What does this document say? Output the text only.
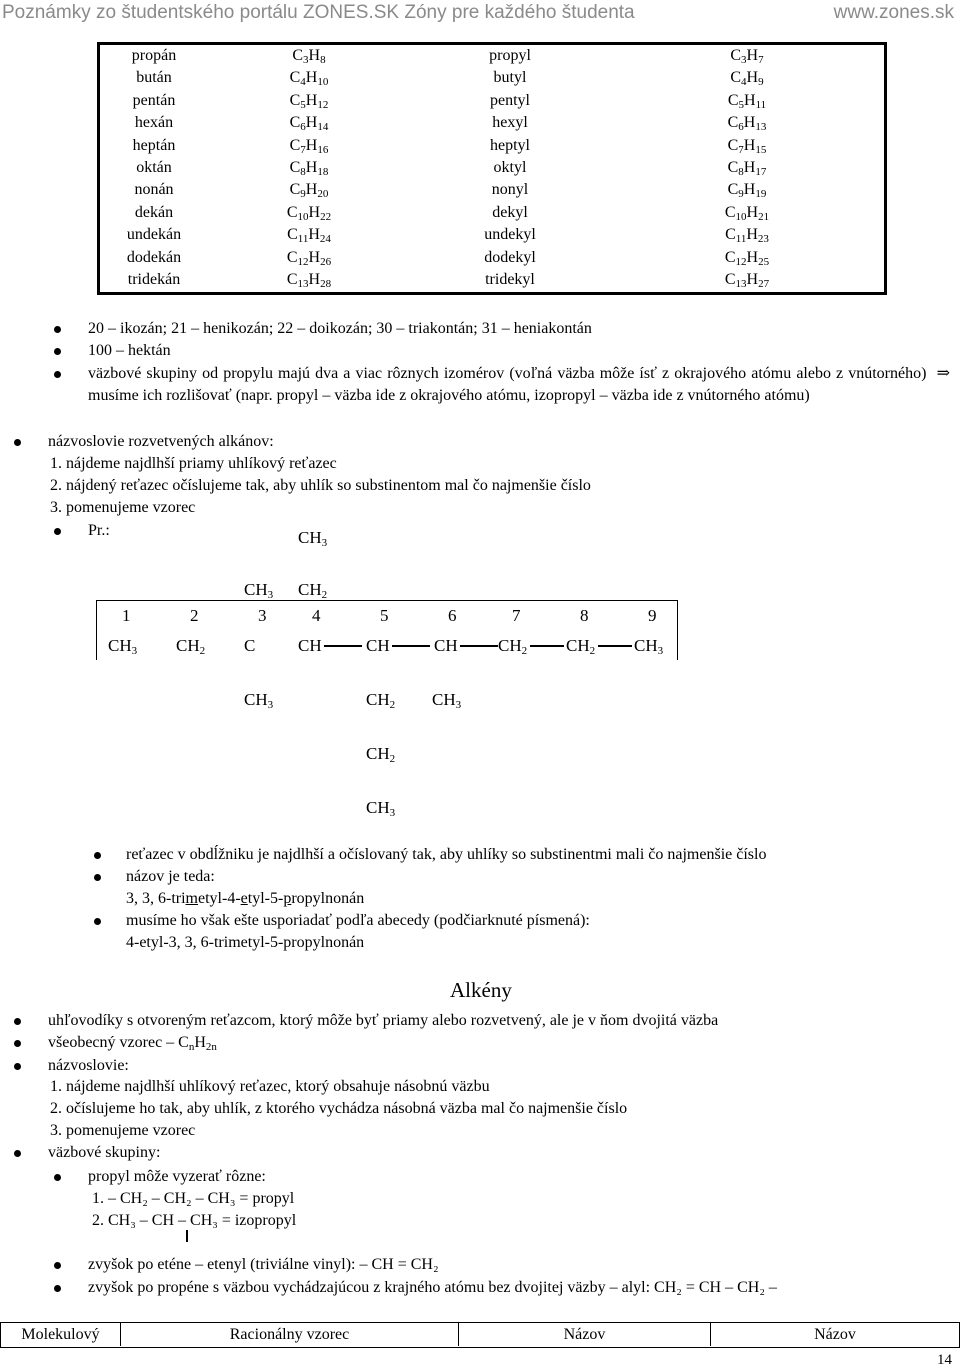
Poznámky zo študentského portálu ZONES.SK Zóny pre každého študenta	www.zones.sk
propán	$C_3H_8$	propyl	$C_3H_7$
bután	$C_4H_{10}$	butyl	$C_4H_9$
pentán	$C_5H_{12}$	pentyl	$C_5H_{11}$
hexán	$C_6H_{14}$	hexyl	$C_6H_{13}$
heptán	$C_7H_{16}$	heptyl	$C_7H_{15}$
oktán	$C_8H_{18}$	oktyl	$C_8H_{17}$
nonán	$C_9H_{20}$	nonyl	$C_9H_{19}$
dekán	$C_{10}H_{22}$	dekyl	$C_{10}H_{21}$
undekán	$C_{11}H_{24}$	undekyl	$C_{11}H_{23}$
dodekán	$C_{12}H_{26}$	dodekyl	$C_{12}H_{25}$
tridekán	$C_{13}H_{28}$	tridekyl	$C_{13}H_{27}$
20 – ikozán; 21 – henikozán; 22 – doikozán; 30 – triakontán; 31 – heniakontán
100 – hektán
väzbové skupiny od propylu majú dva a viac rôznych izomérov (voľná väzba môže ísť z okrajového atómu alebo z vnútorného)  ⇒  musíme ich rozlišovať (napr. propyl – väzba ide z okrajového atómu, izopropyl – väzba ide z vnútorného atómu)
názvoslovie rozvetvených alkánov:
1. nájdeme najdlhší priamy uhlíkový reťazec
2. nájdený reťazec očíslujeme tak, aby uhlík so substinentom mal čo najmenšie číslo
3. pomenujeme vzorec
Pr.:	$CH_3$
$CH_3$ $CH_2$
1	2	3	4	5	6	7	8	9
$CH_3$ $CH_2$ C	CH	CH	CH $CH_2$ $CH_2$ $CH_3$
$CH_3$	$CH_2$ $CH_3$
$CH_2$
$CH_3$
reťazec v obdĺžniku je najdlhší a očíslovaný tak, aby uhlíky so substinentmi mali čo najmenšie číslo
názov je teda:
3, 3, 6-trimetyl-4-etyl-5-propylnonán
musíme ho však ešte usporiadať podľa abecedy (podčiarknuté písmená):
4-etyl-3, 3, 6-trimetyl-5-propylnonán
Alkény
uhľovodíky s otvoreným reťazcom, ktorý môže byť priamy alebo rozvetvený, ale je v ňom dvojitá väzba
všeobecný vzorec – $C_nH_{2n}$
názvoslovie:
1. nájdeme najdlhší uhlíkový reťazec, ktorý obsahuje násobnú väzbu
2. očíslujeme ho tak, aby uhlík, z ktorého vychádza násobná väzba mal čo najmenšie číslo
3. pomenujeme vzorec
väzbové skupiny:
propyl môže vyzerať rôzne:
1. – CH₂ – CH₂ – CH₃ = propyl
2. CH₃ – CH – CH₃ = izopropyl
zvyšok po eténe – etenyl (triviálne vinyl): – CH = CH₂
zvyšok po propéne s väzbou vychádzajúcou z krajného atómu bez dvojitej väzby – alyl: CH₂ = CH – CH₂ –
Molekulový	Racionálny vzorec	Názov	Názov
14
